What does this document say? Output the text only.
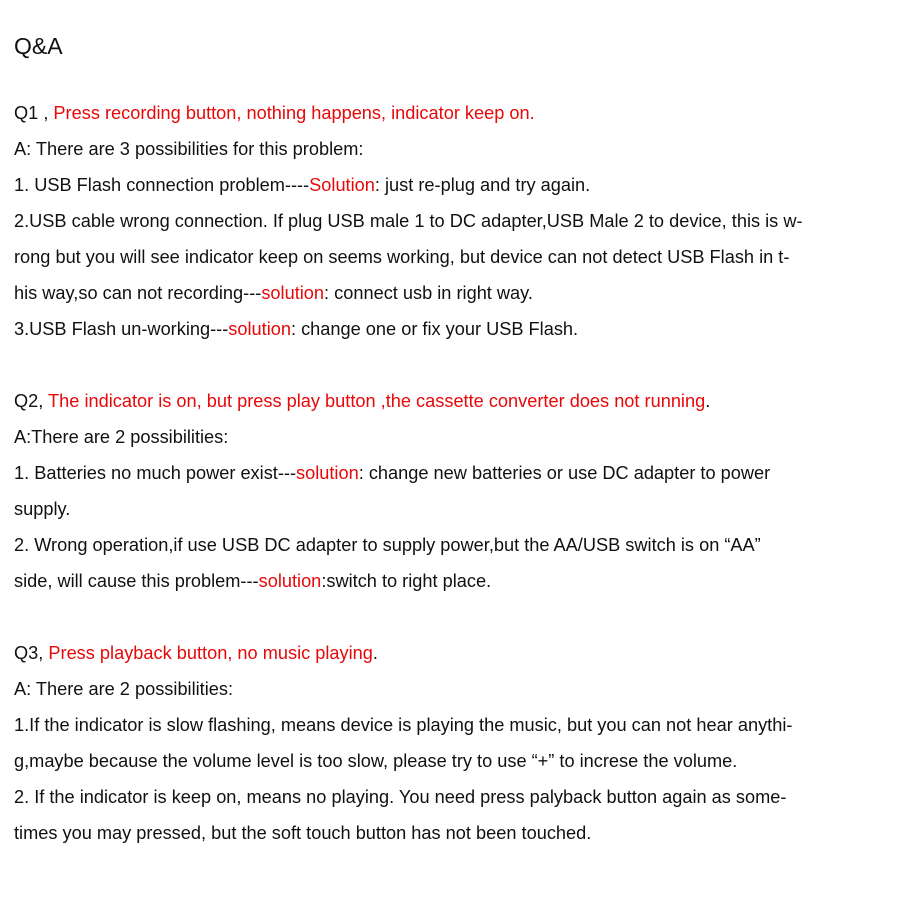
Q&A
Q1 , Press recording button, nothing happens, indicator keep on.
A: There are 3 possibilities for this problem:
1. USB Flash connection problem----Solution: just re-plug and try again.
2.USB cable wrong connection. If plug USB male 1 to DC adapter,USB Male 2 to device, this is w-
rong but you will see indicator keep on seems working, but device can not detect USB Flash in t-
his way,so can not recording---solution: connect usb in right way.
3.USB Flash un-working---solution: change one or fix your USB Flash.
Q2, The indicator is on, but press play button ,the cassette converter does not running.
A:There are 2 possibilities:
1. Batteries no much power exist---solution: change new batteries or use DC adapter to power
supply.
2. Wrong operation,if use USB DC adapter to supply power,but the AA/USB switch is on “AA”
side, will cause this problem---solution:switch to right place.
Q3, Press playback button, no music playing.
A: There are 2 possibilities:
1.If the indicator is slow flashing, means device is playing the music, but you can not hear anythi-
g,maybe because the volume level is too slow, please try to use “+” to increse the volume.
2. If the indicator is keep on, means no playing. You need press palyback button again as some-
times you may pressed, but the soft touch button has not been touched.
